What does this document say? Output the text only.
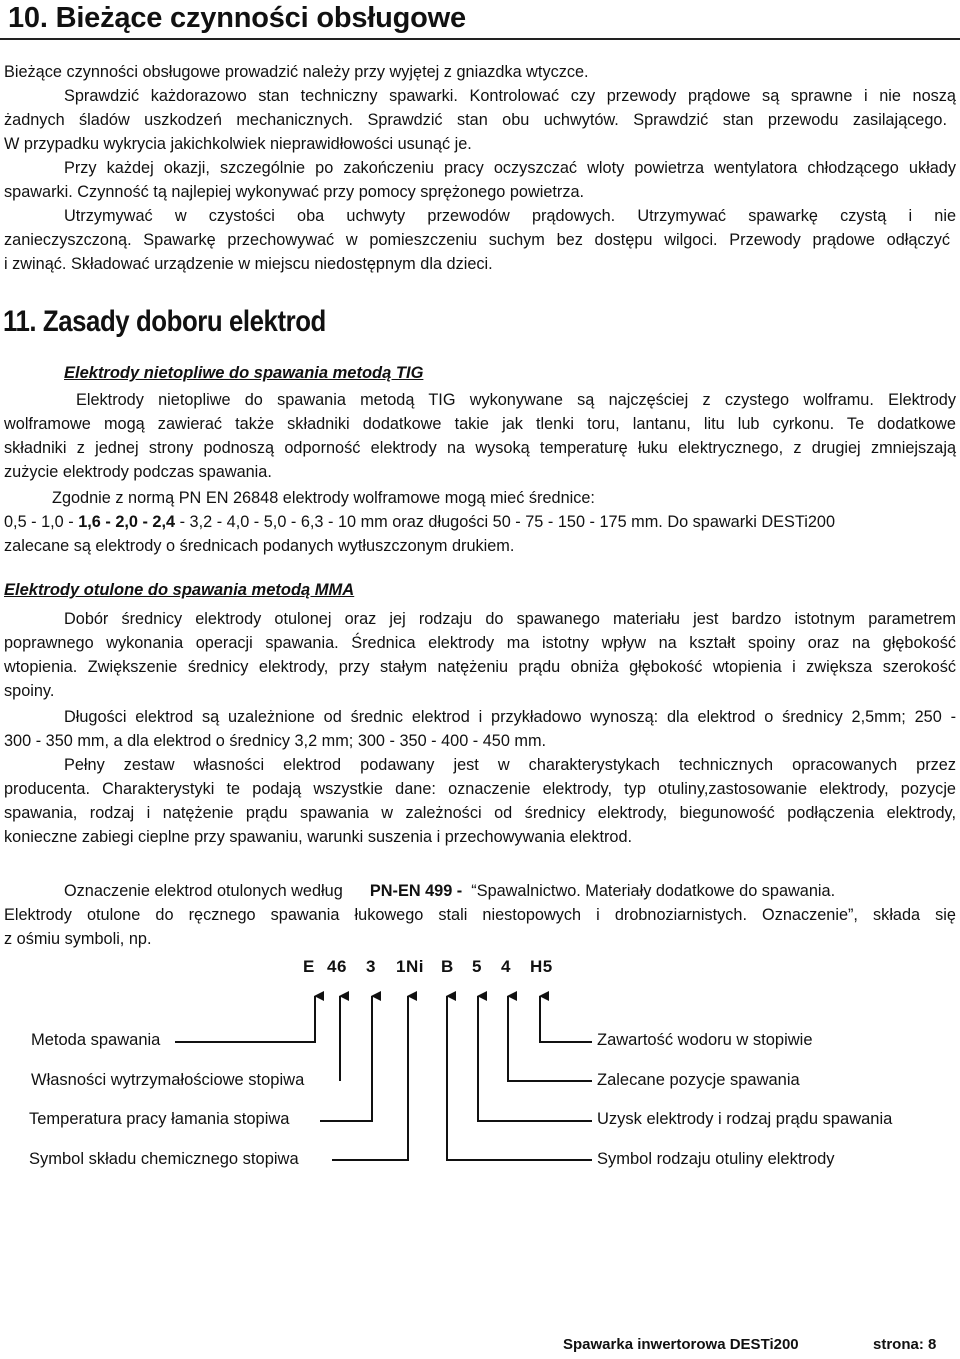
10. Bieżące czynności obsługowe
Bieżące czynności obsługowe prowadzić należy przy wyjętej z gniazdka wtyczce.
Sprawdzić każdorazowo stan techniczny spawarki. Kontrolować czy przewody prądowe są sprawne i nie noszą
żadnych śladów uszkodzeń mechanicznych. Sprawdzić stan obu uchwytów. Sprawdzić stan przewodu zasilającego.
W przypadku wykrycia jakichkolwiek nieprawidłowości usunąć je.
Przy każdej okazji, szczególnie po zakończeniu pracy oczyszczać wloty powietrza wentylatora chłodzącego układy
spawarki. Czynność tą najlepiej wykonywać przy pomocy sprężonego powietrza.
Utrzymywać w czystości oba uchwyty przewodów prądowych. Utrzymywać spawarkę czystą i nie
zanieczyszczoną. Spawarkę przechowywać w pomieszczeniu suchym bez dostępu wilgoci. Przewody prądowe odłączyć
i zwinąć. Składować urządzenie w miejscu niedostępnym dla dzieci.
11. Zasady doboru elektrod
Elektrody nietopliwe do spawania metodą TIG
Elektrody nietopliwe do spawania metodą TIG wykonywane są najczęściej z czystego wolframu. Elektrody
wolframowe mogą zawierać także składniki dodatkowe takie jak tlenki toru, lantanu, litu lub cyrkonu. Te dodatkowe
składniki z jednej strony podnoszą odporność elektrody na wysoką temperaturę łuku elektrycznego, z drugiej zmniejszają
zużycie elektrody podczas spawania.
Zgodnie z normą PN EN 26848 elektrody wolframowe mogą mieć średnice:
0,5 - 1,0 - 1,6 - 2,0 - 2,4 - 3,2 - 4,0 - 5,0 - 6,3 - 10 mm oraz długości 50 - 75 - 150 - 175 mm. Do spawarki DESTi200
zalecane są elektrody o średnicach podanych wytłuszczonym drukiem.
Elektrody otulone do spawania metodą MMA
Dobór średnicy elektrody otulonej oraz jej rodzaju do spawanego materiału jest bardzo istotnym parametrem
poprawnego wykonania operacji spawania. Średnica elektrody ma istotny wpływ na kształt spoiny oraz na głębokość
wtopienia. Zwiększenie średnicy elektrody, przy stałym natężeniu prądu obniża głębokość wtopienia i zwiększa szerokość
spoiny.
Długości elektrod są uzależnione od średnic elektrod i przykładowo wynoszą: dla elektrod o średnicy 2,5mm; 250 -
300 - 350 mm, a dla elektrod o średnicy 3,2 mm; 300 - 350 - 400 - 450 mm.
Pełny zestaw własności elektrod podawany jest w charakterystykach technicznych opracowanych przez
producenta. Charakterystyki te podają wszystkie dane: oznaczenie elektrody, typ otuliny,zastosowanie elektrody, pozycje
spawania, rodzaj i natężenie prądu spawania w zależności od średnicy elektrody, biegunowość podłączenia elektrody,
konieczne zabiegi cieplne przy spawaniu, warunki suszenia i przechowywania elektrod.
Oznaczenie elektrod otulonych według PN-EN 499 - “Spawalnictwo. Materiały dodatkowe do spawania.
Elektrody otulone do ręcznego spawania łukowego stali niestopowych i drobnoziarnistych. Oznaczenie”, składa się
z ośmiu symboli, np.
E 46 3 1Ni B 5 4 H5
Metoda spawania
Własności wytrzymałościowe stopiwa
Temperatura pracy łamania stopiwa
Symbol składu chemicznego stopiwa
Zawartość wodoru w stopiwie
Zalecane pozycje spawania
Uzysk elektrody i rodzaj prądu spawania
Symbol rodzaju otuliny elektrody
Spawarka inwertorowa DESTi200	strona: 8
